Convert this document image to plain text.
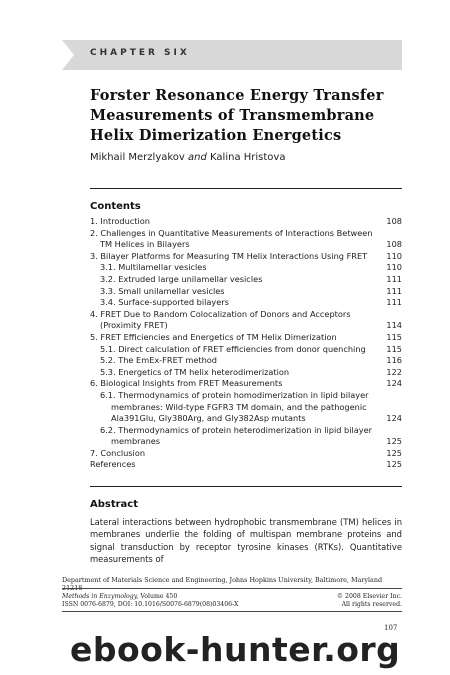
CHAPTER SIX
Forster Resonance Energy Transfer
Measurements of Transmembrane
Helix Dimerization Energetics
Mikhail Merzlyakov and Kalina Hristova
Contents
1. Introduction	108
2. Challenges in Quantitative Measurements of Interactions Between
TM Helices in Bilayers	108
3. Bilayer Platforms for Measuring TM Helix Interactions Using FRET	110
3.1. Multilamellar vesicles	110
3.2. Extruded large unilamellar vesicles	111
3.3. Small unilamellar vesicles	111
3.4. Surface-supported bilayers	111
4. FRET Due to Random Colocalization of Donors and Acceptors
(Proximity FRET)	114
5. FRET Efficiencies and Energetics of TM Helix Dimerization	115
5.1. Direct calculation of FRET efficiencies from donor quenching	115
5.2. The EmEx-FRET method	116
5.3. Energetics of TM helix heterodimerization	122
6. Biological Insights from FRET Measurements	124
6.1. Thermodynamics of protein homodimerization in lipid bilayer
membranes: Wild-type FGFR3 TM domain, and the pathogenic
Ala391Glu, Gly380Arg, and Gly382Asp mutants	124
6.2. Thermodynamics of protein heterodimerization in lipid bilayer
membranes	125
7. Conclusion	125
References	125
Abstract
Lateral interactions between hydrophobic transmembrane (TM) helices in membranes underlie the folding of multispan membrane proteins and signal transduction by receptor tyrosine kinases (RTKs). Quantitative measurements of
Department of Materials Science and Engineering, Johns Hopkins University, Baltimore, Maryland 21218
Methods in Enzymology, Volume 450	© 2008 Elsevier Inc.
ISSN 0076-6879, DOI: 10.1016/S0076-6879(08)03406-X	All rights reserved.
107
ebook-hunter.org
